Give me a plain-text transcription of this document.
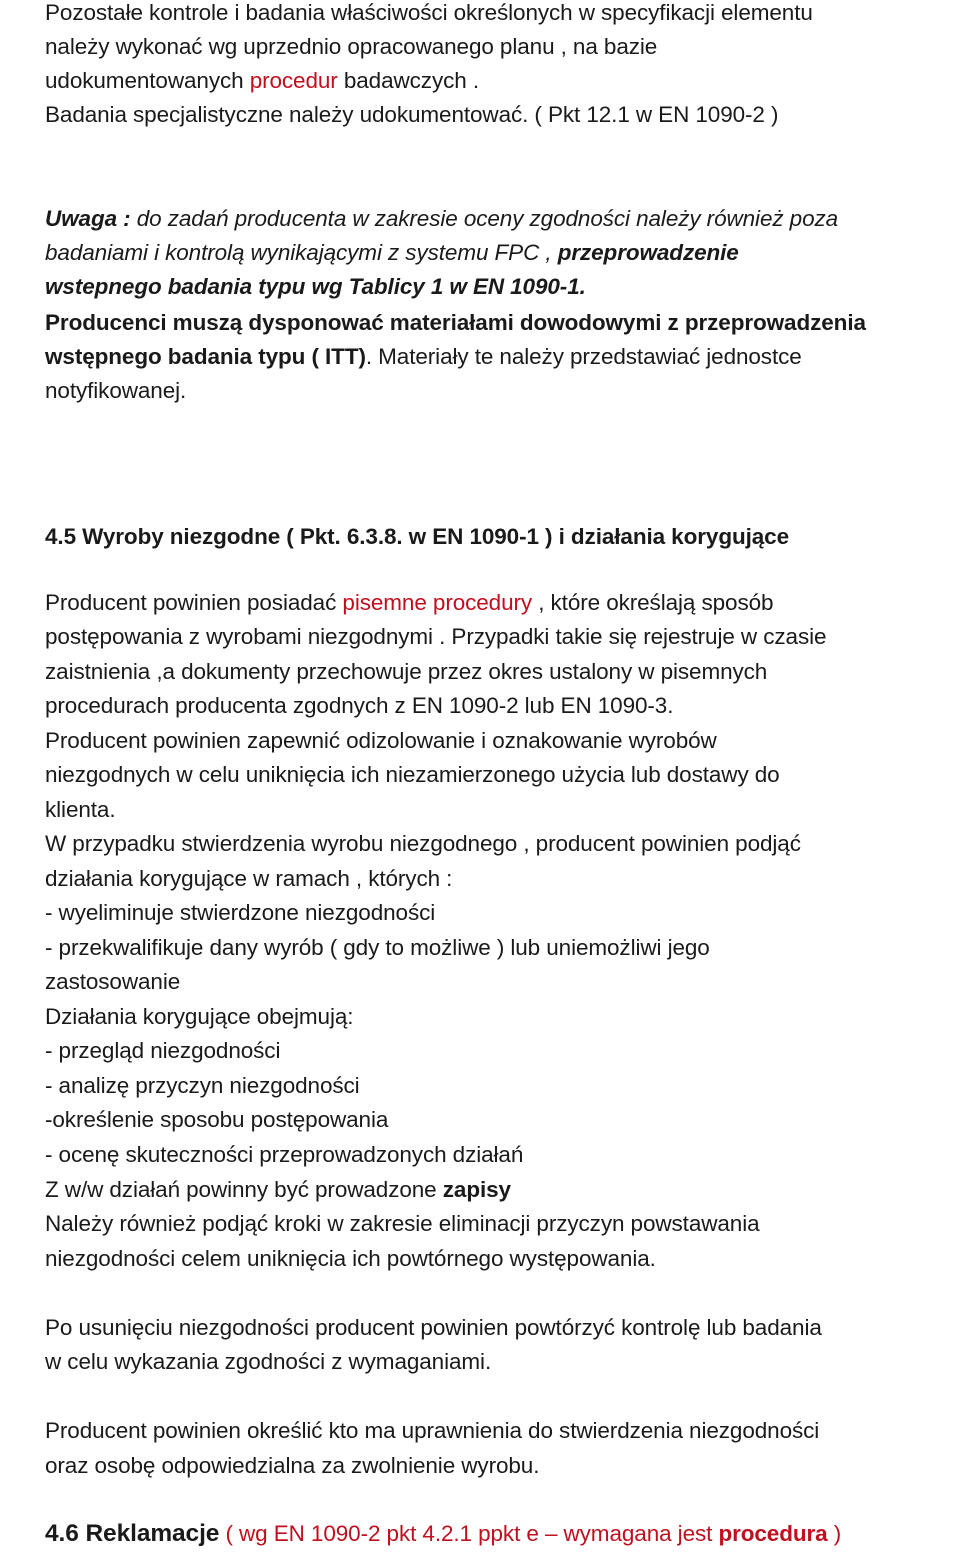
Pozostałe kontrole i badania właściwości określonych w specyfikacji elementu
należy wykonać wg uprzednio opracowanego planu , na bazie
udokumentowanych procedur badawczych .
Badania specjalistyczne należy udokumentować. ( Pkt 12.1 w EN 1090-2 )
Uwaga : do zadań producenta w zakresie oceny zgodności należy również poza
badaniami i kontrolą wynikającymi z systemu FPC , przeprowadzenie
wstepnego badania typu wg Tablicy 1 w EN 1090-1.
Producenci muszą dysponować materiałami dowodowymi z przeprowadzenia
wstępnego badania typu ( ITT). Materiały te należy przedstawiać jednostce
notyfikowanej.
4.5 Wyroby niezgodne ( Pkt. 6.3.8. w EN 1090-1 ) i działania korygujące
Producent powinien posiadać pisemne procedury , które określają sposób
postępowania z wyrobami niezgodnymi . Przypadki takie się rejestruje w czasie
zaistnienia ,a dokumenty przechowuje przez okres ustalony w pisemnych
procedurach producenta zgodnych z EN 1090-2 lub EN 1090-3.
Producent powinien zapewnić odizolowanie i oznakowanie wyrobów
niezgodnych w celu uniknięcia ich niezamierzonego użycia lub dostawy do
klienta.
W przypadku stwierdzenia wyrobu niezgodnego , producent powinien podjąć
działania korygujące w ramach , których :
- wyeliminuje stwierdzone niezgodności
- przekwalifikuje dany wyrób ( gdy to możliwe ) lub uniemożliwi jego
zastosowanie
Działania korygujące obejmują:
- przegląd niezgodności
- analizę przyczyn niezgodności
-określenie sposobu postępowania
- ocenę skuteczności przeprowadzonych działań
Z w/w działań powinny być prowadzone zapisy
Należy również podjąć kroki w zakresie eliminacji przyczyn powstawania
niezgodności celem uniknięcia ich powtórnego występowania.
Po usunięciu niezgodności producent powinien powtórzyć kontrolę lub badania
w celu wykazania zgodności z wymaganiami.
Producent powinien określić kto ma uprawnienia do stwierdzenia niezgodności
oraz osobę odpowiedzialna za zwolnienie wyrobu.
4.6 Reklamacje ( wg EN 1090-2 pkt 4.2.1 ppkt e – wymagana jest procedura )
